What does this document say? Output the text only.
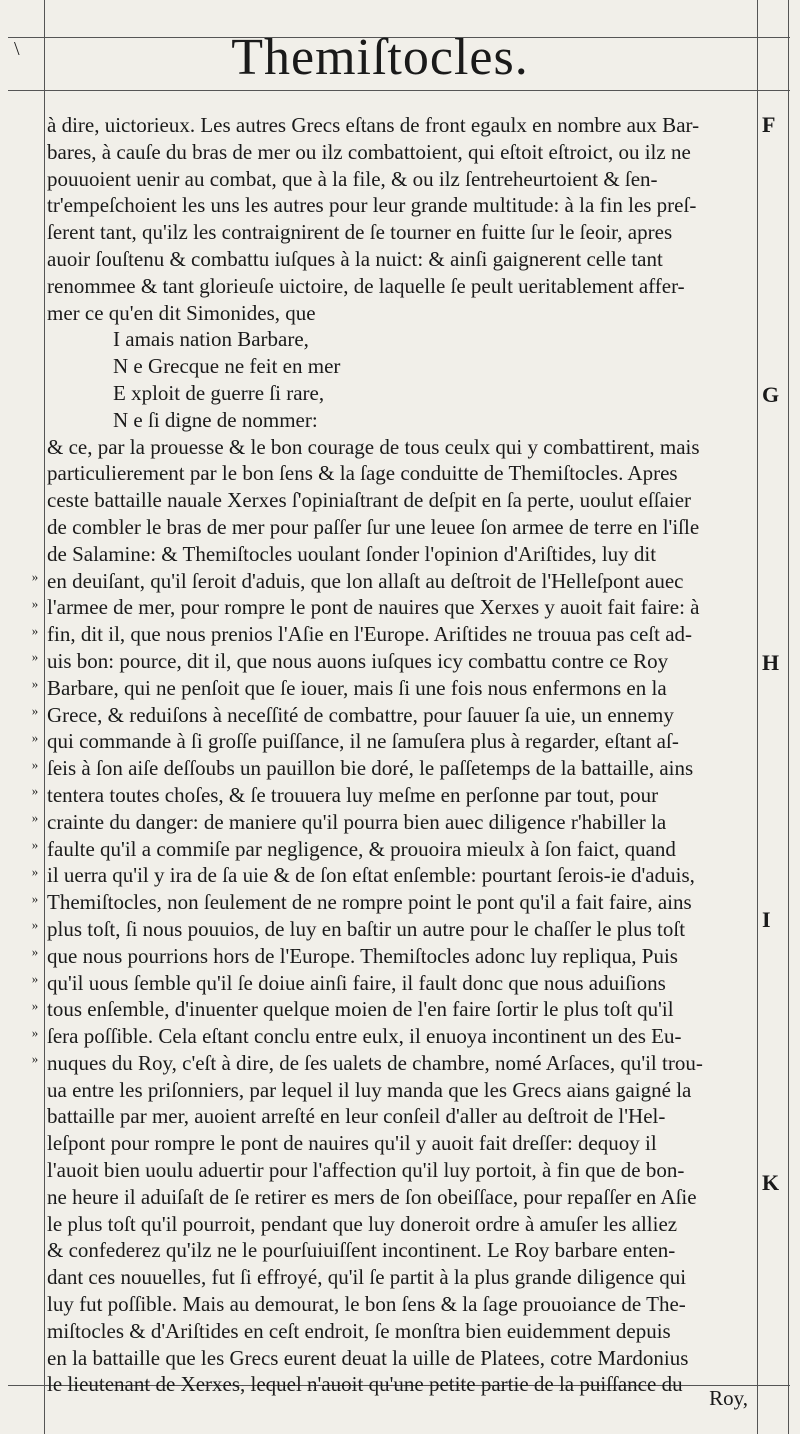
\	Themiſtocles.
à dire, uictorieux. Les autres Grecs eſtans de front egaulx en nombre aux Bar-
bares, à cauſe du bras de mer ou ilz combattoient, qui eſtoit eſtroict, ou ilz ne
pouuoient uenir au combat, que à la file, & ou ilz ſentreheurtoient & ſen-
tr'empeſchoient les uns les autres pour leur grande multitude: à la fin les preſ-
ſerent tant, qu'ilz les contraignirent de ſe tourner en fuitte ſur le ſeoir, apres
auoir ſouſtenu & combattu iuſques à la nuict: & ainſi gaignerent celle tant
renommee & tant glorieuſe uictoire, de laquelle ſe peult ueritablement affer-
mer ce qu'en dit Simonides, que
I amais nation Barbare,
N e Grecque ne feit en mer
E xploit de guerre ſi rare,
N e ſi digne de nommer:
& ce, par la prouesse & le bon courage de tous ceulx qui y combattirent, mais
particulierement par le bon ſens & la ſage conduitte de Themiſtocles. Apres
ceste battaille nauale Xerxes ſ'opiniaſtrant de deſpit en ſa perte, uoulut eſſaier
de combler le bras de mer pour paſſer ſur une leuee ſon armee de terre en l'iſle
de Salamine: & Themiſtocles uoulant ſonder l'opinion d'Ariſtides, luy dit
en deuiſant, qu'il ſeroit d'aduis, que lon allaſt au deſtroit de l'Helleſpont auec
l'armee de mer, pour rompre le pont de nauires que Xerxes y auoit fait faire: à
fin, dit il, que nous prenios l'Aſie en l'Europe. Ariſtides ne trouua pas ceſt ad-
uis bon: pource, dit il, que nous auons iuſques icy combattu contre ce Roy
Barbare, qui ne penſoit que ſe iouer, mais ſi une fois nous enfermons en la
Grece, & reduiſons à neceſſité de combattre, pour ſauuer ſa uie, un ennemy
qui commande à ſi groſſe puiſſance, il ne ſamuſera plus à regarder, eſtant aſ-
ſeis à ſon aiſe deſſoubs un pauillon bie doré, le paſſetemps de la battaille, ains
tentera toutes choſes, & ſe trouuera luy meſme en perſonne par tout, pour
crainte du danger: de maniere qu'il pourra bien auec diligence r'habiller la
faulte qu'il a commiſe par negligence, & prouoira mieulx à ſon faict, quand
il uerra qu'il y ira de ſa uie & de ſon eſtat enſemble: pourtant ſerois-ie d'aduis,
Themiſtocles, non ſeulement de ne rompre point le pont qu'il a fait faire, ains
plus toſt, ſi nous pouuios, de luy en baſtir un autre pour le chaſſer le plus toſt
que nous pourrions hors de l'Europe. Themiſtocles adonc luy repliqua, Puis
qu'il uous ſemble qu'il ſe doiue ainſi faire, il fault donc que nous aduiſions
tous enſemble, d'inuenter quelque moien de l'en faire ſortir le plus toſt qu'il
ſera poſſible. Cela eſtant conclu entre eulx, il enuoya incontinent un des Eu-
nuques du Roy, c'eſt à dire, de ſes ualets de chambre, nomé Arſaces, qu'il trou-
ua entre les priſonniers, par lequel il luy manda que les Grecs aians gaigné la
battaille par mer, auoient arreſté en leur conſeil d'aller au deſtroit de l'Hel-
leſpont pour rompre le pont de nauires qu'il y auoit fait dreſſer: dequoy il
l'auoit bien uoulu aduertir pour l'affection qu'il luy portoit, à fin que de bon-
ne heure il aduiſaſt de ſe retirer es mers de ſon obeiſſace, pour repaſſer en Aſie
le plus toſt qu'il pourroit, pendant que luy doneroit ordre à amuſer les alliez
& confederez qu'ilz ne le pourſuiuiſſent incontinent. Le Roy barbare enten-
dant ces nouuelles, fut ſi effroyé, qu'il ſe partit à la plus grande diligence qui
luy fut poſſible. Mais au demourat, le bon ſens & la ſage prouoiance de The-
miſtocles & d'Ariſtides en ceſt endroit, ſe monſtra bien euidemment depuis
en la battaille que les Grecs eurent deuat la uille de Platees, cotre Mardonius
le lieutenant de Xerxes, lequel n'auoit qu'une petite partie de la puiſſance du
»
»
»
»
»
»
»
»
»
»
»
»
»
»
»
»
»
»
»
F
G
H
I
K
Roy,
